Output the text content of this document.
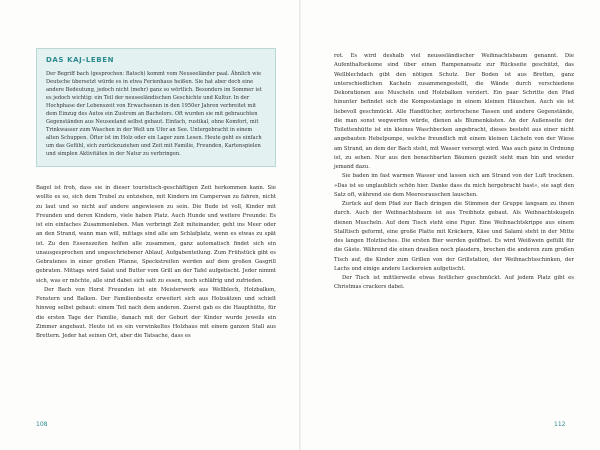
DAS KAJ-LEBEN

Der Begriff bach (gesprochen: Batsch) kommt vom Neuseeländer paal. Ähnlich wie Deutsche übersetzt würde es in etwa Ferienhaus heißen. Sie hat aber doch eine andere Bedeutung, jedoch nicht (mehr) ganz so wörtlich. Besonders im Sommer ist es jedoch wichtig: ein Teil der neuseeländischen Geschichte und Kultur. In der Hochphase der Lebenszeit von Erwachsenen in den 1950er Jahren verbreitet mit dem Einzug des Autos ein Zustrom an Bachelors. Oft wurden sie mit gebrauchten Gegenständen aus Neuseeland selbst gebaut. Einfach, rustikal, ohne Komfort, mit Trinkwasser zum Waschen in der Welt um Ufer an See. Untergebracht in einem alten Schuppen. Öfter ist im Holz oder ein Lager zum Lesen. Heute geht es einfach um das Gefühl, sich zurückzuziehen und Zeit mit Familie, Freunden, Kartenspielen und simplen Aktivitäten in der Natur zu verbringen.

Bagel ist froh, dass sie in dieser touristisch-geschäftigen Zeit herkommen kann. Sie wollte es so, sich dem Trubel zu entziehen, mit Kindern im Campervan zu fahren, nicht zu laut und so nicht auf andere angewiesen zu sein. Die Bude ist voll, Kinder mit Freunden und deren Kindern, viele haben Platz. Auch Hunde und weitere Freunde: Es ist ein einfaches Zusammenleben. Man verbringt Zeit miteinander, geht ins Meer oder an den Strand, wann man will, mittags sind alle am Schlafplatz, wenn es etwas zu spät ist. Zu den Essenszeiten helfen alle zusammen, ganz automatisch findet sich ein unausgesprochen und ungeschriebener Ablauf, Aufgabenteilung. Zum Frühstück gibt es Gebratenes in einer großen Pfanne, Speckstreifen werden auf dem großen Gasgrill gebraten. Mittags wird Salat und Butter vom Grill an der Tafel aufgetischt. Jeder nimmt sich, was er möchte, alle sind dabei sich satt zu essen, noch schläfrig und zufrieden.

Der Bach von Horst Freunden ist ein Meisterwerk aus Wellblech, Holzbalken, Fenstern und Balken. Der Familienbesitz erweitert sich aus Holzsätzen und schielt hinweg selbst gebaut: einem Teil nach dem anderen. Zuerst gab es die Haupthütte, für die ersten Tage der Familie, danach mit der Geburt der Kinder wurde jeweils ein Zimmer angebaut. Heute ist es ein verwinkeltes Holzhaus mit einem ganzen Stall aus Brettern. Jeder hat seinen Ort, aber die Tatsache, dass es

rot. Es wird deshalb viel neuseeländischer Weihnachtsbaum genannt. Die Aufenthaltsräume sind über einen Rampenansatz zur Rückseite geschützt, das Wellblechdach gibt den nötigen Schutz. Der Boden ist aus Bretten, ganz unterschiedlichen Kacheln zusammengestellt, die Wände durch verschiedene Dekorationen aus Muscheln und Holzbalken verziert. Ein paar Schritte den Pfad hinunter befindet sich die Kompostanlage in einem kleinen Häuschen. Auch sie ist liebevoll geschmückt. Alle Handtücher, zerbrochene Tassen und andere Gegenstände, die man sonst wegwerfen würde, dienen als Blumenkästen. An der Außenseite der Toilettenhütte ist ein kleines Waschbecken angebracht, dieses besteht aus einer nicht angebauten Hebelpumpe, welche freundlich mit einem kleinen Lächeln von der Wiese am Strand, an dem der Bach steht, mit Wasser versorgt wird. Was auch ganz in Ordnung ist, zu sehen. Nur aus den benachbarten Bäumen gezielt sieht man hin und wieder jemand dazu.

Sie baden im fast warmen Wasser und lassen sich am Strand von der Luft trocknen. »Das ist so unglaublich schön hier. Danke dass du mich hergebracht hast«, sie sagt den Satz oft, während sie dem Meeresrauschen lauschen.

Zurück auf dem Pfad zur Bach dringen die Stimmen der Gruppe langsam zu ihnen durch. Auch der Weihnachtsbaum ist aus Treibholz gebaut. Als Weihnachtskugeln dienen Muscheln. Auf dem Tisch steht eine Figur. Eine Weihnachtskrippe aus einem Stalltisch geformt, eine große Platte mit Kräckern, Käse und Salami steht in der Mitte des langen Holztisches. Die ersten Bier werden geöffnet. Es wird Weißwein gefüllt für die Gäste. Während die einen draußen noch plaudern, brechen die anderen zum großen Tisch auf, die Kinder zum Grillen von der Grillstation, der Weihnachtsschinken, der Lachs und einige andere Leckereien aufgetischt.

Der Tisch ist mittlerweile etwas festlicher geschmückt. Auf jedem Platz gibt es Christmas crackers dabei.

108	112
